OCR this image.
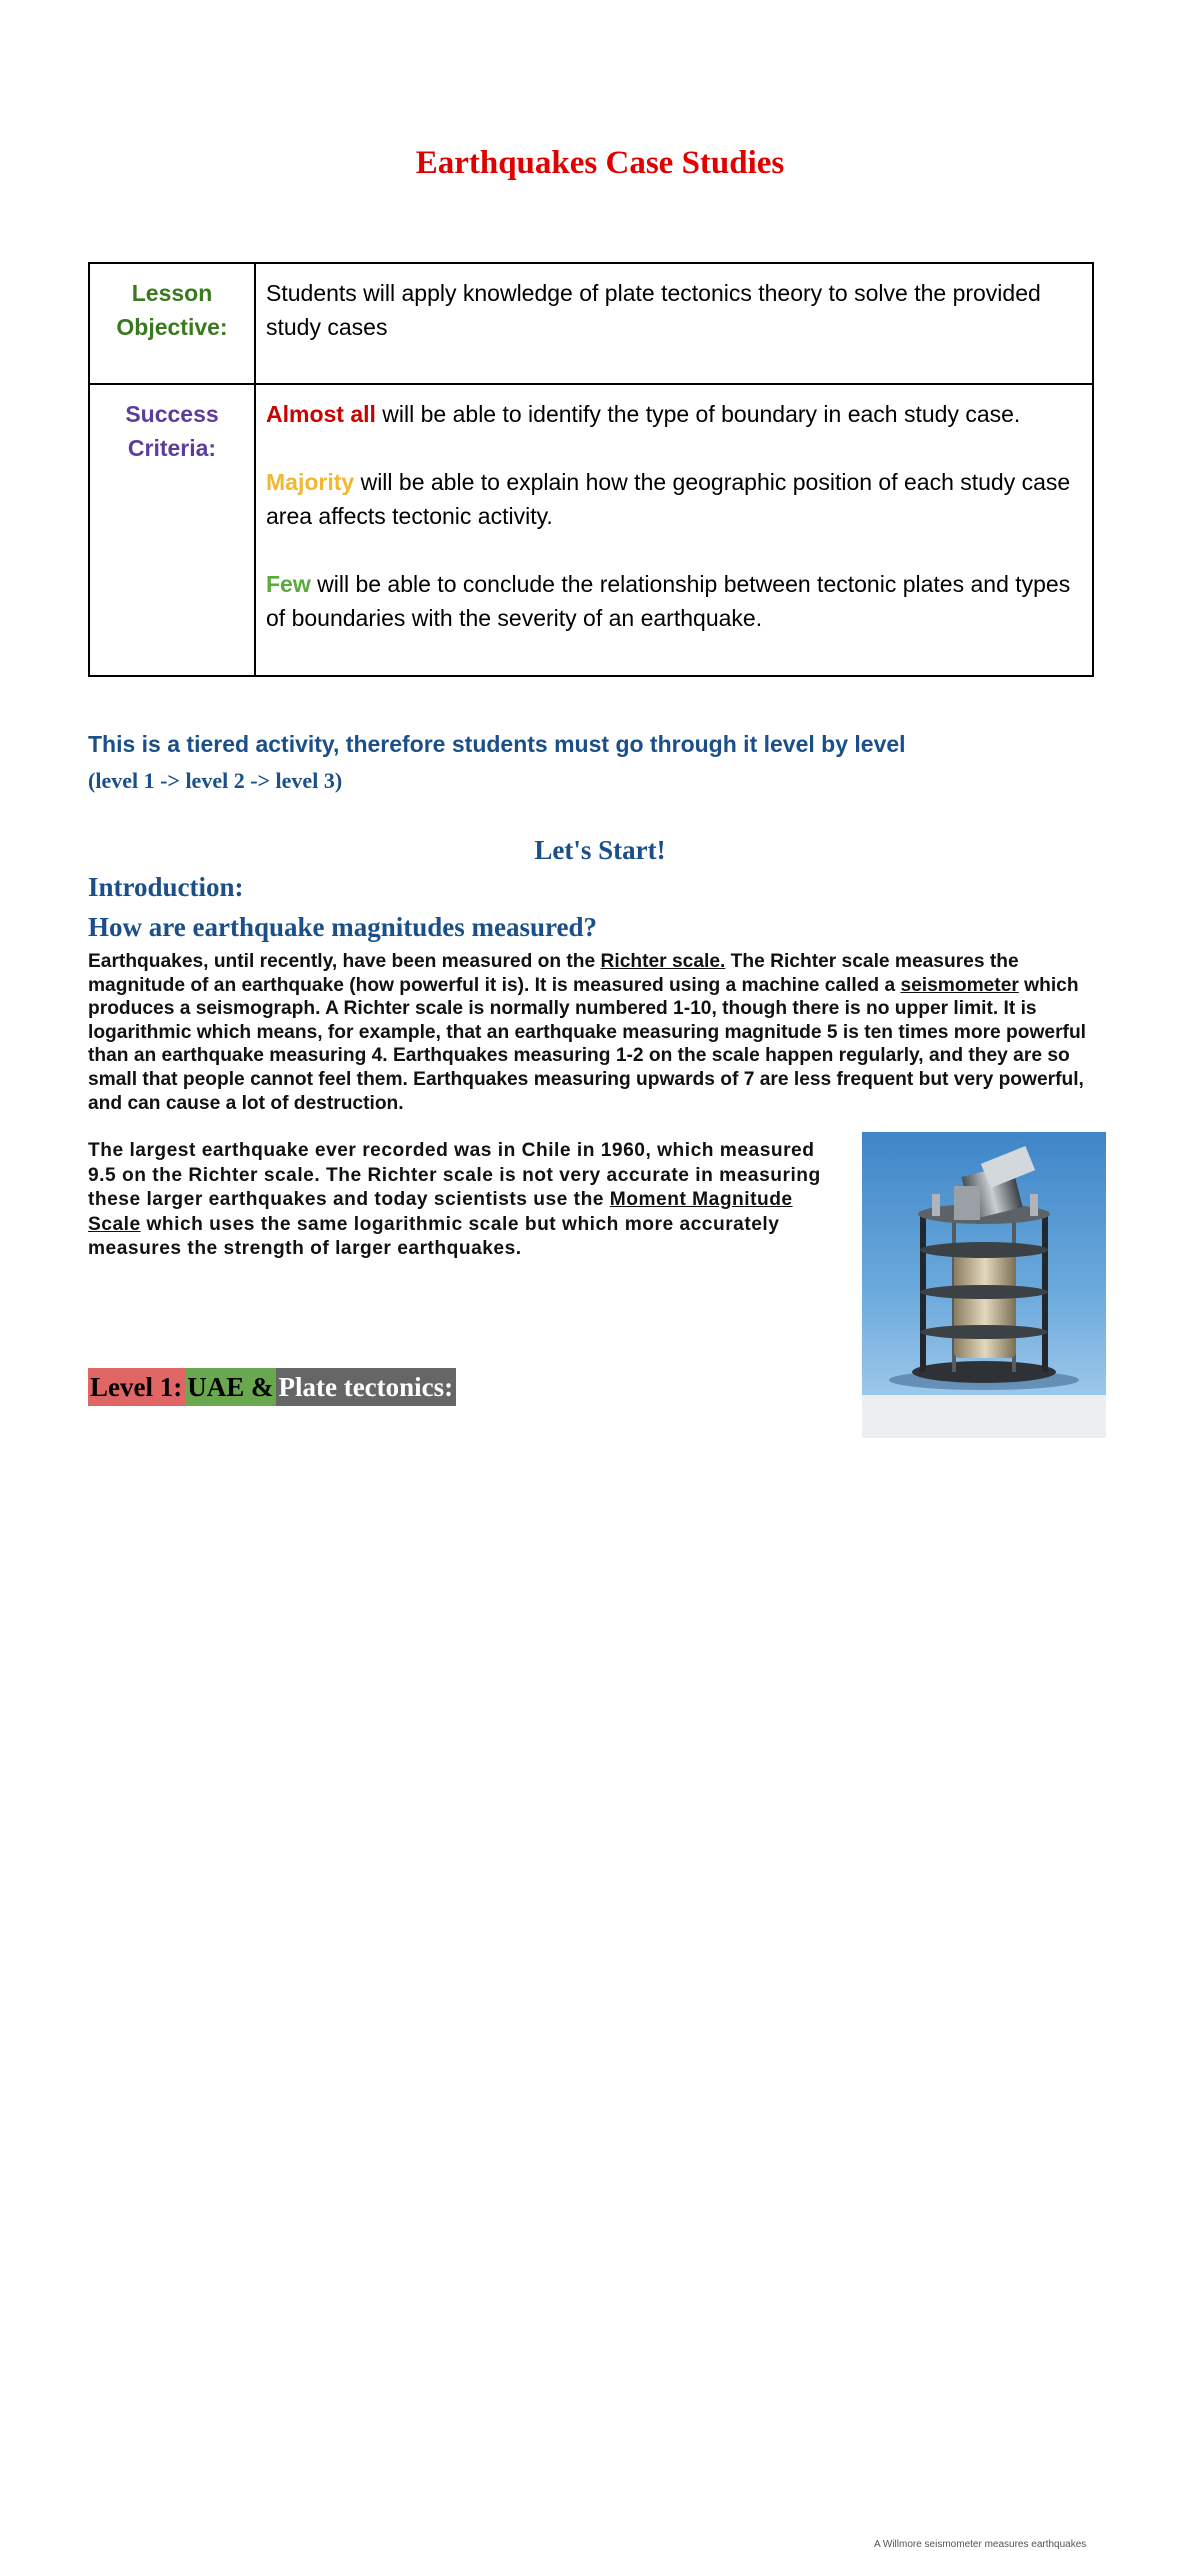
Earthquakes Case Studies
Lesson Objective:	Students will apply knowledge of plate tectonics theory to solve the provided study cases
Success Criteria:	Almost all will be able to identify the type of boundary in each study case.

Majority will be able to explain how the geographic position of each study case area affects tectonic activity.

Few will be able to conclude the relationship between tectonic plates and types of boundaries with the severity of an earthquake.

This is a tiered activity, therefore students must go through it level by level
(level 1 -> level 2 -> level 3)
Let's Start!
Introduction:
How are earthquake magnitudes measured?
Earthquakes, until recently, have been measured on the Richter scale. The Richter scale measures the magnitude of an earthquake (how powerful it is). It is measured using a machine called a seismometer which produces a seismograph. A Richter scale is normally numbered 1-10, though there is no upper limit. It is logarithmic which means, for example, that an earthquake measuring magnitude 5 is ten times more powerful than an earthquake measuring 4. Earthquakes measuring 1-2 on the scale happen regularly, and they are so small that people cannot feel them. Earthquakes measuring upwards of 7 are less frequent but very powerful, and can cause a lot of destruction.
The largest earthquake ever recorded was in Chile in 1960, which measured 9.5 on the Richter scale. The Richter scale is not very accurate in measuring these larger earthquakes and today scientists use the Moment Magnitude Scale which uses the same logarithmic scale but which more accurately measures the strength of larger earthquakes.
A Willmore seismometer measures earthquakes
Level 1: UAE & Plate tectonics:
